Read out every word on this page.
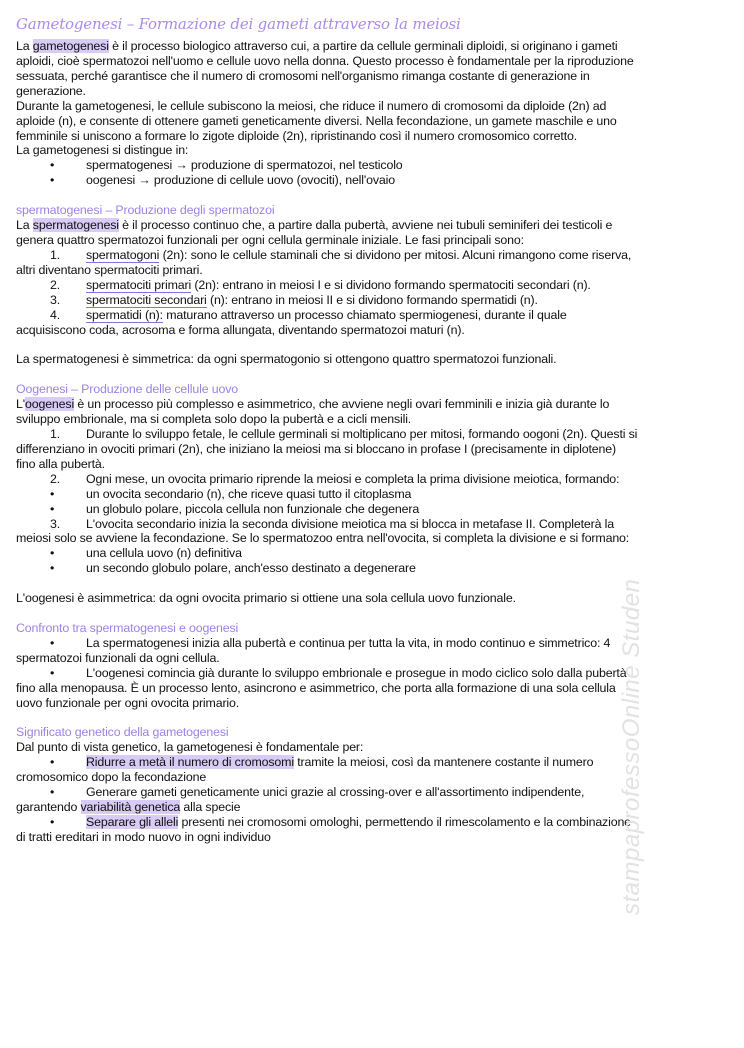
Gametogenesi – Formazione dei gameti attraverso la meiosi
La gametogenesi è il processo biologico attraverso cui, a partire da cellule germinali diploidi, si originano i gameti
aploidi, cioè spermatozoi nell'uomo e cellule uovo nella donna. Questo processo è fondamentale per la riproduzione
sessuata, perché garantisce che il numero di cromosomi nell'organismo rimanga costante di generazione in
generazione.
Durante la gametogenesi, le cellule subiscono la meiosi, che riduce il numero di cromosomi da diploide (2n) ad
aploide (n), e consente di ottenere gameti geneticamente diversi. Nella fecondazione, un gamete maschile e uno
femminile si uniscono a formare lo zigote diploide (2n), ripristinando così il numero cromosomico corretto.
La gametogenesi si distingue in:
•	spermatogenesi → produzione di spermatozoi, nel testicolo
•	oogenesi → produzione di cellule uovo (ovociti), nell'ovaio
spermatogenesi – Produzione degli spermatozoi
La spermatogenesi è il processo continuo che, a partire dalla pubertà, avviene nei tubuli seminiferi dei testicoli e
genera quattro spermatozoi funzionali per ogni cellula germinale iniziale. Le fasi principali sono:
1. spermatogoni (2n): sono le cellule staminali che si dividono per mitosi. Alcuni rimangono come riserva,
altri diventano spermatociti primari.
2. spermatociti primari (2n): entrano in meiosi I e si dividono formando spermatociti secondari (n).
3. spermatociti secondari (n): entrano in meiosi II e si dividono formando spermatidi (n).
4. spermatidi (n): maturano attraverso un processo chiamato spermiogenesi, durante il quale
acquisiscono coda, acrosoma e forma allungata, diventando spermatozoi maturi (n).
La spermatogenesi è simmetrica: da ogni spermatogonio si ottengono quattro spermatozoi funzionali.
Oogenesi – Produzione delle cellule uovo
L'oogenesi è un processo più complesso e asimmetrico, che avviene negli ovari femminili e inizia già durante lo
sviluppo embrionale, ma si completa solo dopo la pubertà e a cicli mensili.
1. Durante lo sviluppo fetale, le cellule germinali si moltiplicano per mitosi, formando oogoni (2n). Questi si
differenziano in ovociti primari (2n), che iniziano la meiosi ma si bloccano in profase I (precisamente in diplotene)
fino alla pubertà.
2. Ogni mese, un ovocita primario riprende la meiosi e completa la prima divisione meiotica, formando:
•	un ovocita secondario (n), che riceve quasi tutto il citoplasma
•	un globulo polare, piccola cellula non funzionale che degenera
3. L'ovocita secondario inizia la seconda divisione meiotica ma si blocca in metafase II. Completerà la
meiosi solo se avviene la fecondazione. Se lo spermatozoo entra nell'ovocita, si completa la divisione e si formano:
•	una cellula uovo (n) definitiva
•	un secondo globulo polare, anch'esso destinato a degenerare
L'oogenesi è asimmetrica: da ogni ovocita primario si ottiene una sola cellula uovo funzionale.
Confronto tra spermatogenesi e oogenesi
•	La spermatogenesi inizia alla pubertà e continua per tutta la vita, in modo continuo e simmetrico: 4
spermatozoi funzionali da ogni cellula.
•	L'oogenesi comincia già durante lo sviluppo embrionale e prosegue in modo ciclico solo dalla pubertà
fino alla menopausa. È un processo lento, asincrono e asimmetrico, che porta alla formazione di una sola cellula
uovo funzionale per ogni ovocita primario.
Significato genetico della gametogenesi
Dal punto di vista genetico, la gametogenesi è fondamentale per:
•	Ridurre a metà il numero di cromosomi tramite la meiosi, così da mantenere costante il numero
cromosomico dopo la fecondazione
•	Generare gameti geneticamente unici grazie al crossing-over e all'assortimento indipendente,
garantendo variabilità genetica alla specie
•	Separare gli alleli presenti nei cromosomi omologhi, permettendo il rimescolamento e la combinazione
di tratti ereditari in modo nuovo in ogni individuo	stampaprofessoOnline Studen
